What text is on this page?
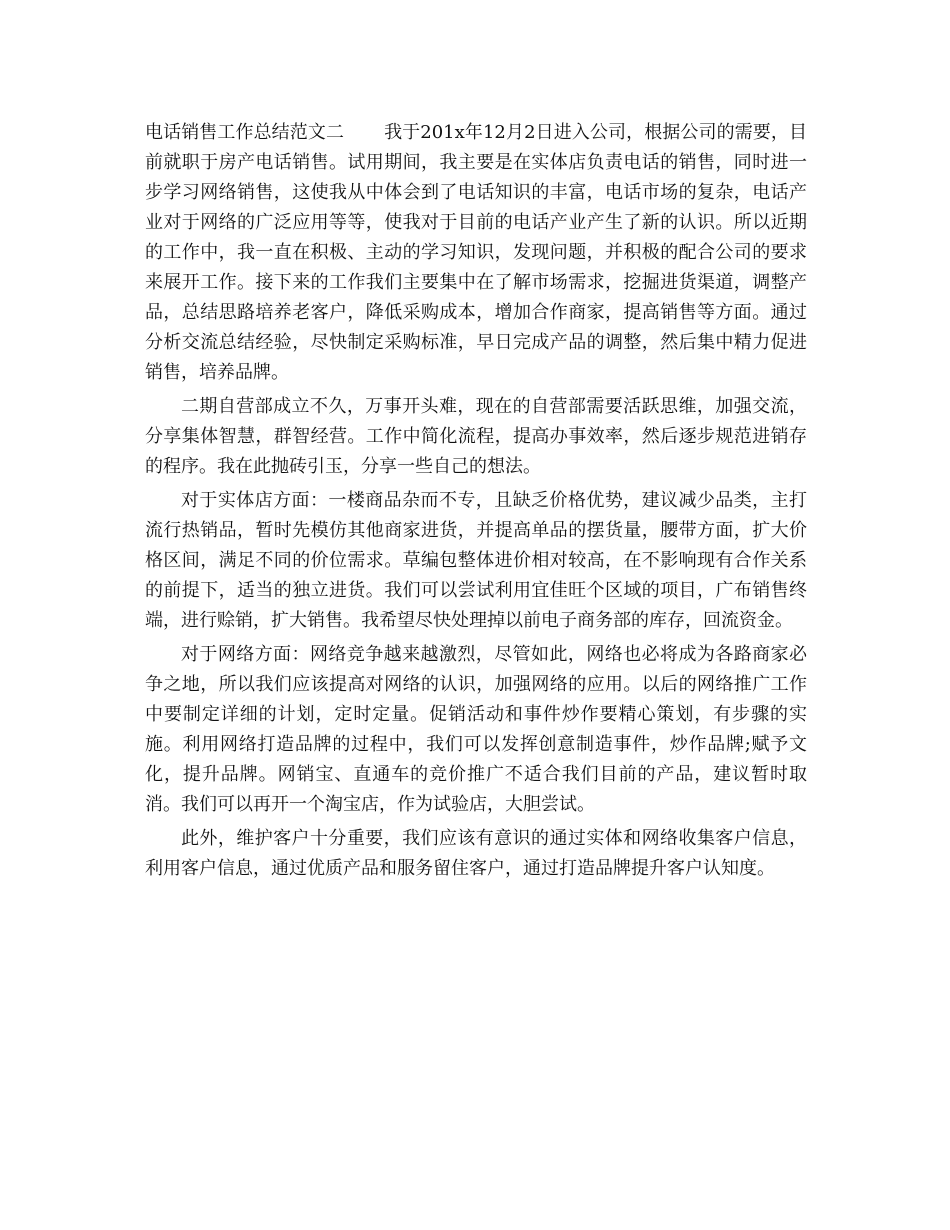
电话销售工作总结范文二 我于201x年12月2日进入公司，根据公司的需要，目前就职于房产电话销售。试用期间，我主要是在实体店负责电话的销售，同时进一步学习网络销售，这使我从中体会到了电话知识的丰富，电话市场的复杂，电话产业对于网络的广泛应用等等，使我对于目前的电话产业产生了新的认识。所以近期的工作中，我一直在积极、主动的学习知识，发现问题，并积极的配合公司的要求来展开工作。接下来的工作我们主要集中在了解市场需求，挖掘进货渠道，调整产品，总结思路培养老客户，降低采购成本，增加合作商家，提高销售等方面。通过分析交流总结经验，尽快制定采购标准，早日完成产品的调整，然后集中精力促进销售，培养品牌。

二期自营部成立不久，万事开头难，现在的自营部需要活跃思维，加强交流，分享集体智慧，群智经营。工作中简化流程，提高办事效率，然后逐步规范进销存的程序。我在此抛砖引玉，分享一些自己的想法。

对于实体店方面：一楼商品杂而不专，且缺乏价格优势，建议减少品类，主打流行热销品，暂时先模仿其他商家进货，并提高单品的摆货量，腰带方面，扩大价格区间，满足不同的价位需求。草编包整体进价相对较高，在不影响现有合作关系的前提下，适当的独立进货。我们可以尝试利用宜佳旺个区域的项目，广布销售终端，进行赊销，扩大销售。我希望尽快处理掉以前电子商务部的库存，回流资金。

对于网络方面：网络竞争越来越激烈，尽管如此，网络也必将成为各路商家必争之地，所以我们应该提高对网络的认识，加强网络的应用。以后的网络推广工作中要制定详细的计划，定时定量。促销活动和事件炒作要精心策划，有步骤的实施。利用网络打造品牌的过程中，我们可以发挥创意制造事件，炒作品牌;赋予文化，提升品牌。网销宝、直通车的竞价推广不适合我们目前的产品，建议暂时取消。我们可以再开一个淘宝店，作为试验店，大胆尝试。

此外，维护客户十分重要，我们应该有意识的通过实体和网络收集客户信息，利用客户信息，通过优质产品和服务留住客户，通过打造品牌提升客户认知度。
